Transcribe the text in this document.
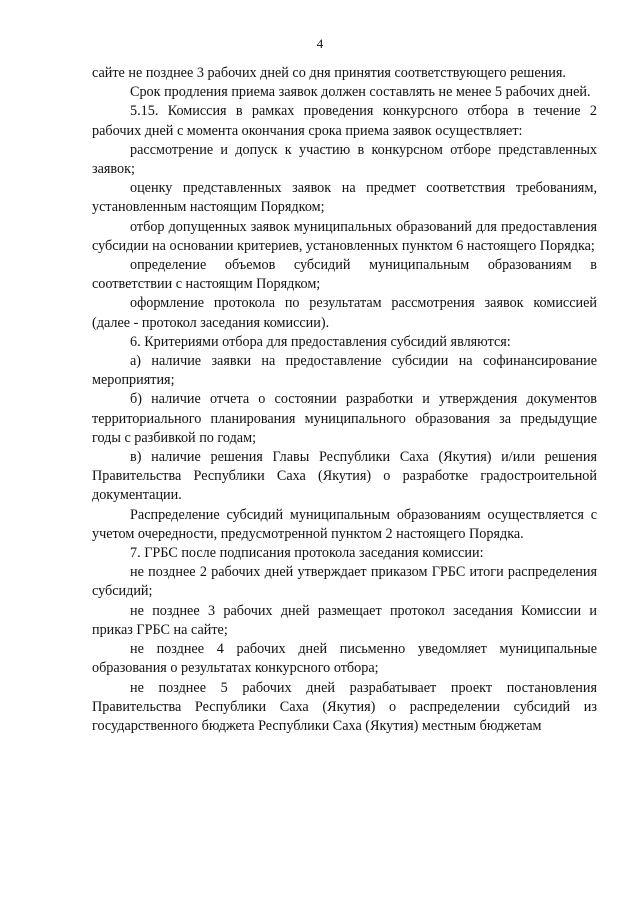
4

сайте не позднее 3 рабочих дней со дня принятия соответствующего решения.

Срок продления приема заявок должен составлять не менее 5 рабочих дней.

5.15. Комиссия в рамках проведения конкурсного отбора в течение 2 рабочих дней с момента окончания срока приема заявок осуществляет:

рассмотрение и допуск к участию в конкурсном отборе представленных заявок;

оценку представленных заявок на предмет соответствия требованиям, установленным настоящим Порядком;

отбор допущенных заявок муниципальных образований для предоставления субсидии на основании критериев, установленных пунктом 6 настоящего Порядка;

определение объемов субсидий муниципальным образованиям в соответствии с настоящим Порядком;

оформление протокола по результатам рассмотрения заявок комиссией (далее - протокол заседания комиссии).

6. Критериями отбора для предоставления субсидий являются:

а) наличие заявки на предоставление субсидии на софинансирование мероприятия;

б) наличие отчета о состоянии разработки и утверждения документов территориального планирования муниципального образования за предыдущие годы с разбивкой по годам;

в) наличие решения Главы Республики Саха (Якутия) и/или решения Правительства Республики Саха (Якутия) о разработке градостроительной документации.

Распределение субсидий муниципальным образованиям осуществляется с учетом очередности, предусмотренной пунктом 2 настоящего Порядка.

7. ГРБС после подписания протокола заседания комиссии:

не позднее 2 рабочих дней утверждает приказом ГРБС итоги распределения субсидий;

не позднее 3 рабочих дней размещает протокол заседания Комиссии и приказ ГРБС на сайте;

не позднее 4 рабочих дней письменно уведомляет муниципальные образования о результатах конкурсного отбора;

не позднее 5 рабочих дней разрабатывает проект постановления Правительства Республики Саха (Якутия) о распределении субсидий из государственного бюджета Республики Саха (Якутия) местным бюджетам
